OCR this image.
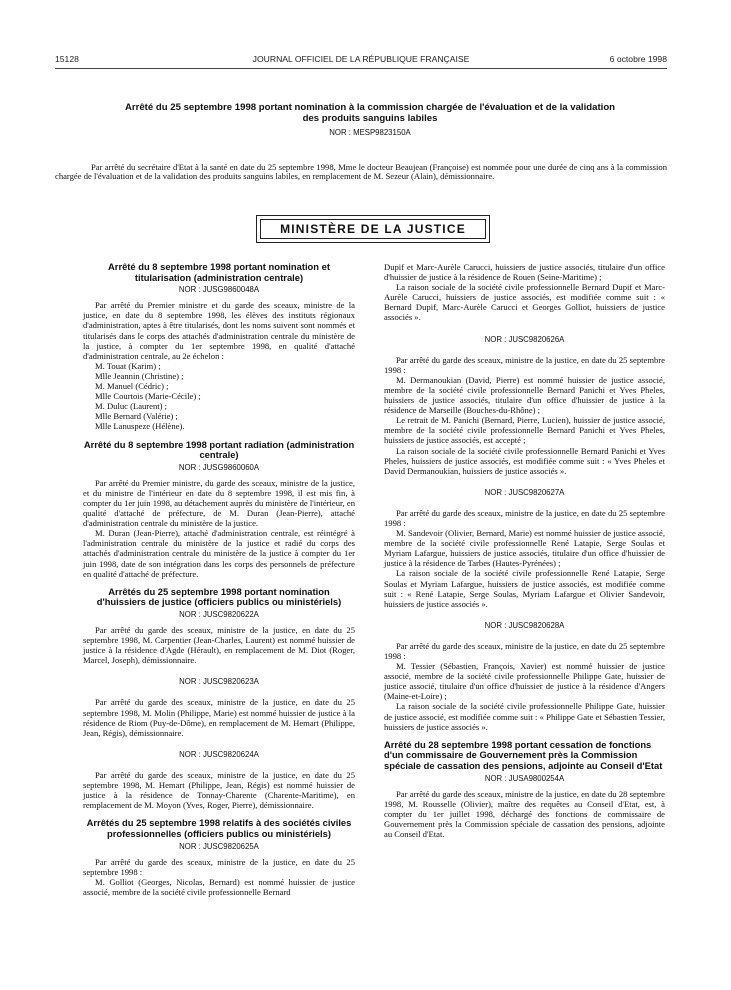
15128	JOURNAL OFFICIEL DE LA RÉPUBLIQUE FRANÇAISE	6 octobre 1998
Arrêté du 25 septembre 1998 portant nomination à la commission chargée de l'évaluation et de la validation des produits sanguins labiles
NOR : MESP9823150A

Par arrêté du secrétaire d'Etat à la santé en date du 25 septembre 1998, Mme le docteur Beaujean (Françoise) est nommée pour une durée de cinq ans à la commission chargée de l'évaluation et de la validation des produits sanguins labiles, en remplacement de M. Sezeur (Alain), démissionnaire.

MINISTÈRE DE LA JUSTICE
Arrêté du 8 septembre 1998 portant nomination et titularisation (administration centrale)
NOR : JUSG9860048A

Par arrêté du Premier ministre et du garde des sceaux, ministre de la justice, en date du 8 septembre 1998, les élèves des instituts régionaux d'administration, aptes à être titularisés, dont les noms suivent sont nommés et titularisés dans le corps des attachés d'administration centrale du ministère de la justice, à compter du 1er septembre 1998, en qualité d'attaché d'administration centrale, au 2e échelon :

M. Touat (Karim) ;

Mlle Jeannin (Christine) ;

M. Manuel (Cédric) ;

Mlle Courtois (Marie-Cécile) ;

M. Duluc (Laurent) ;

Mlle Bernard (Valérie) ;

Mlle Lanuspeze (Hélène).

Arrêté du 8 septembre 1998 portant radiation (administration centrale)
NOR : JUSG9860060A

Par arrêté du Premier ministre, du garde des sceaux, ministre de la justice, et du ministre de l'intérieur en date du 8 septembre 1998, il est mis fin, à compter du 1er juin 1998, au détachement auprès du ministère de l'intérieur, en qualité d'attaché de préfecture, de M. Duran (Jean-Pierre), attaché d'administration centrale du ministère de la justice.

M. Duran (Jean-Pierre), attaché d'administration centrale, est réintégré à l'administration centrale du ministère de la justice et radié du corps des attachés d'administration centrale du ministère de la justice à compter du 1er juin 1998, date de son intégration dans les corps des personnels de préfecture en qualité d'attaché de préfecture.

Arrêtés du 25 septembre 1998 portant nomination d'huissiers de justice (officiers publics ou ministériels)
NOR : JUSC9820622A

Par arrêté du garde des sceaux, ministre de la justice, en date du 25 septembre 1998, M. Carpentier (Jean-Charles, Laurent) est nommé huissier de justice à la résidence d'Agde (Hérault), en remplacement de M. Diot (Roger, Marcel, Joseph), démissionnaire.

NOR : JUSC9820623A

Par arrêté du garde des sceaux, ministre de la justice, en date du 25 septembre 1998, M. Molin (Philippe, Marie) est nommé huissier de justice à la résidence de Riom (Puy-de-Dôme), en remplacement de M. Hemart (Philippe, Jean, Régis), démissionnaire.

NOR : JUSC9820624A

Par arrêté du garde des sceaux, ministre de la justice, en date du 25 septembre 1998, M. Hemart (Philippe, Jean, Régis) est nommé huissier de justice à la résidence de Tonnay-Charente (Charente-Maritime), en remplacement de M. Moyon (Yves, Roger, Pierre), démissionnaire.

Arrêtés du 25 septembre 1998 relatifs à des sociétés civiles professionnelles (officiers publics ou ministériels)
NOR : JUSC9820625A

Par arrêté du garde des sceaux, ministre de la justice, en date du 25 septembre 1998 :

M. Golliot (Georges, Nicolas, Bernard) est nommé huissier de justice associé, membre de la société civile professionnelle Bernard

Dupif et Marc-Aurèle Carucci, huissiers de justice associés, titulaire d'un office d'huissier de justice à la résidence de Rouen (Seine-Maritime) ;

La raison sociale de la société civile professionnelle Bernard Dupif et Marc-Aurèle Carucci, huissiers de justice associés, est modifiée comme suit : « Bernard Dupif, Marc-Aurèle Carucci et Georges Golliot, huissiers de justice associés ».

NOR : JUSC9820626A

Par arrêté du garde des sceaux, ministre de la justice, en date du 25 septembre 1998 :

M. Dermanoukian (David, Pierre) est nommé huissier de justice associé, membre de la société civile professionnelle Bernard Panichi et Yves Pheles, huissiers de justice associés, titulaire d'un office d'huissier de justice à la résidence de Marseille (Bouches-du-Rhône) ;

Le retrait de M. Panichi (Bernard, Pierre, Lucien), huissier de justice associé, membre de la société civile professionnelle Bernard Panichi et Yves Pheles, huissiers de justice associés, est accepté ;

La raison sociale de la société civile professionnelle Bernard Panichi et Yves Pheles, huissiers de justice associés, est modifiée comme suit : « Yves Pheles et David Dermanoukian, huissiers de justice associés ».

NOR : JUSC9820627A

Par arrêté du garde des sceaux, ministre de la justice, en date du 25 septembre 1998 :

M. Sandevoir (Olivier, Bernard, Marie) est nommé huissier de justice associé, membre de la société civile professionnelle René Latapie, Serge Soulas et Myriam Lafargue, huissiers de justice associés, titulaire d'un office d'huissier de justice à la résidence de Tarbes (Hautes-Pyrénées) ;

La raison sociale de la société civile professionnelle René Latapie, Serge Soulas et Myriam Lafargue, huissiers de justice associés, est modifiée comme suit : « René Latapie, Serge Soulas, Myriam Lafargue et Olivier Sandevoir, huissiers de justice associés ».

NOR : JUSC9820628A

Par arrêté du garde des sceaux, ministre de la justice, en date du 25 septembre 1998 :

M. Tessier (Sébastien, François, Xavier) est nommé huissier de justice associé, membre de la société civile professionnelle Philippe Gate, huissier de justice associé, titulaire d'un office d'huissier de justice à la résidence d'Angers (Maine-et-Loire) ;

La raison sociale de la société civile professionnelle Philippe Gate, huissier de justice associé, est modifiée comme suit : « Philippe Gate et Sébastien Tessier, huissiers de justice associés ».

Arrêté du 28 septembre 1998 portant cessation de fonctions d'un commissaire de Gouvernement près la Commission spéciale de cassation des pensions, adjointe au Conseil d'Etat
NOR : JUSA9800254A

Par arrêté du garde des sceaux, ministre de la justice, en date du 28 septembre 1998, M. Rousselle (Olivier), maître des requêtes au Conseil d'Etat, est, à compter du 1er juillet 1998, déchargé des fonctions de commissaire de Gouvernement près la Commission spéciale de cassation des pensions, adjointe au Conseil d'Etat.
